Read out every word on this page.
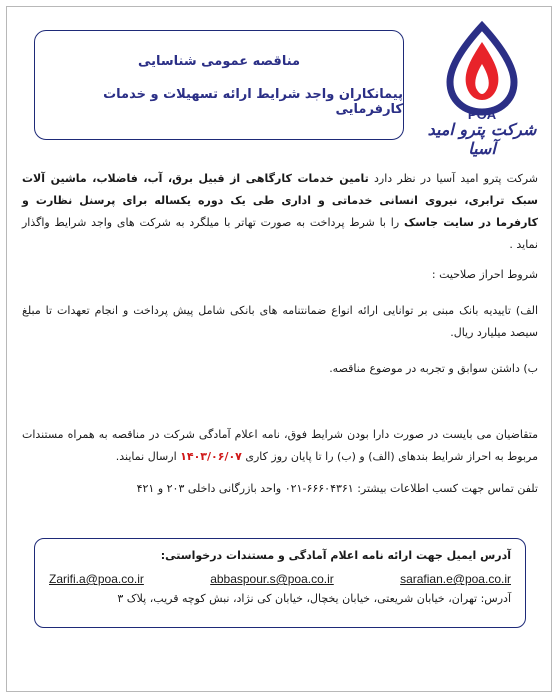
مناقصه عمومی شناسایی
پیمانکاران واجد شرایط ارائه تسهیلات و خدمات کارفرمایی	POA
شرکت پترو امید آسیا

شرکت پترو امید آسیا در نظر دارد تامین خدمات کارگاهی از قبیل برق، آب، فاضلاب، ماشین آلات سبک ترابری، نیروی انسانی خدماتی و اداری طی یک دوره یکساله برای پرسنل نظارت و کارفرما در سایت جاسک را با شرط پرداخت به صورت تهاتر با میلگرد به شرکت های واجد شرایط واگذار نماید .

شروط احراز صلاحیت :

الف) تاییدیه بانک مبنی بر توانایی ارائه انواع ضمانتنامه های بانکی شامل پیش پرداخت و انجام تعهدات تا مبلغ سیصد میلیارد ریال.

ب) داشتن سوابق و تجربه در موضوع مناقصه.

متقاضیان می بایست در صورت دارا بودن شرایط فوق، نامه اعلام آمادگی شرکت در مناقصه به همراه مستندات مربوط به احراز شرایط بندهای (الف) و (ب) را تا پایان روز کاری ۱۴۰۳/۰۶/۰۷ ارسال نمایند.

تلفن تماس جهت کسب اطلاعات بیشتر: ۶۶۶۰۴۳۶۱-۰۲۱ واحد بازرگانی داخلی ۲۰۳ و ۴۲۱

آدرس ایمیل جهت ارائه نامه اعلام آمادگی و مستندات درخواستی:
sarafian.e@poa.co.ir
abbaspour.s@poa.co.ir
Zarifi.a@poa.co.ir
آدرس: تهران، خیابان شریعتی، خیابان یخچال، خیابان کی نژاد، نبش کوچه قریب، پلاک ۳
